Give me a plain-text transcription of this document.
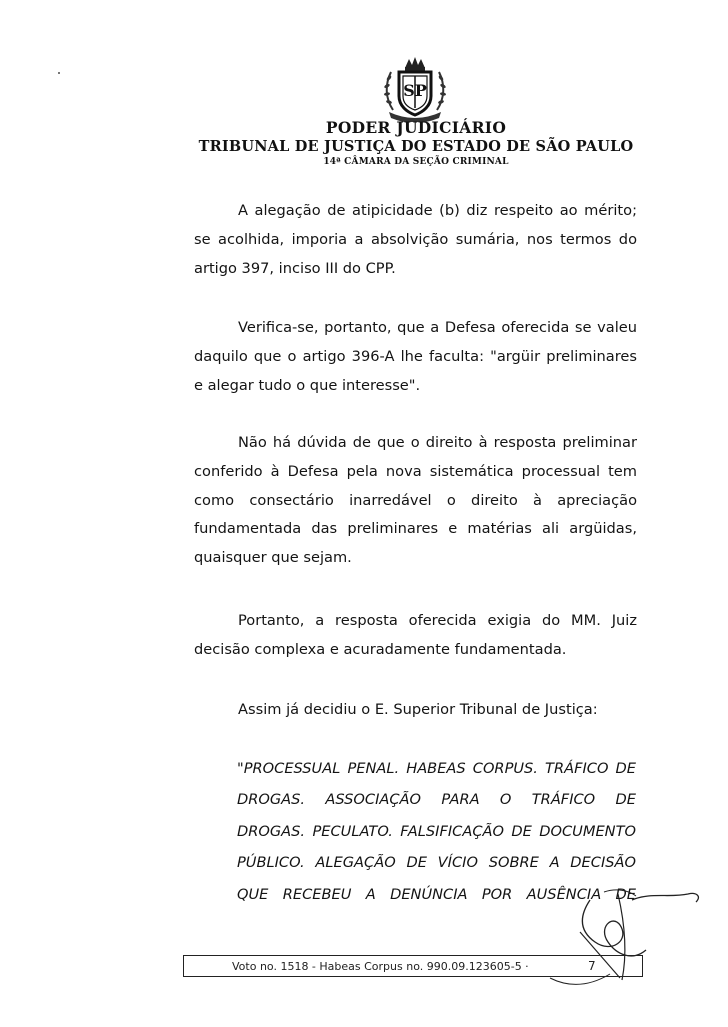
SP
PODER JUDICIÁRIO
TRIBUNAL DE JUSTIÇA DO ESTADO DE SÃO PAULO
14ª CÂMARA DA SEÇÃO CRIMINAL
A alegação de atipicidade (b) diz respeito ao mérito;
se acolhida, imporia a absolvição sumária, nos termos do
artigo 397, inciso III do CPP.
Verifica-se, portanto, que a Defesa oferecida se valeu
daquilo que o artigo 396-A lhe faculta: "argüir preliminares
e alegar tudo o que interesse".
Não há dúvida de que o direito à resposta preliminar
conferido à Defesa pela nova sistemática processual tem
como consectário inarredável o direito à apreciação
fundamentada das preliminares e matérias ali argüidas,
quaisquer que sejam.
Portanto, a resposta oferecida exigia do MM. Juiz
decisão complexa e acuradamente fundamentada.
Assim já decidiu o E. Superior Tribunal de Justiça:
"PROCESSUAL PENAL. HABEAS CORPUS. TRÁFICO DE
DROGAS. ASSOCIAÇÃO PARA O TRÁFICO DE
DROGAS. PECULATO. FALSIFICAÇÃO DE DOCUMENTO
PÚBLICO. ALEGAÇÃO DE VÍCIO SOBRE A DECISÃO
QUE RECEBEU A DENÚNCIA POR AUSÊNCIA DE
Voto no. 1518 - Habeas Corpus no. 990.09.123605-5 ·	7
